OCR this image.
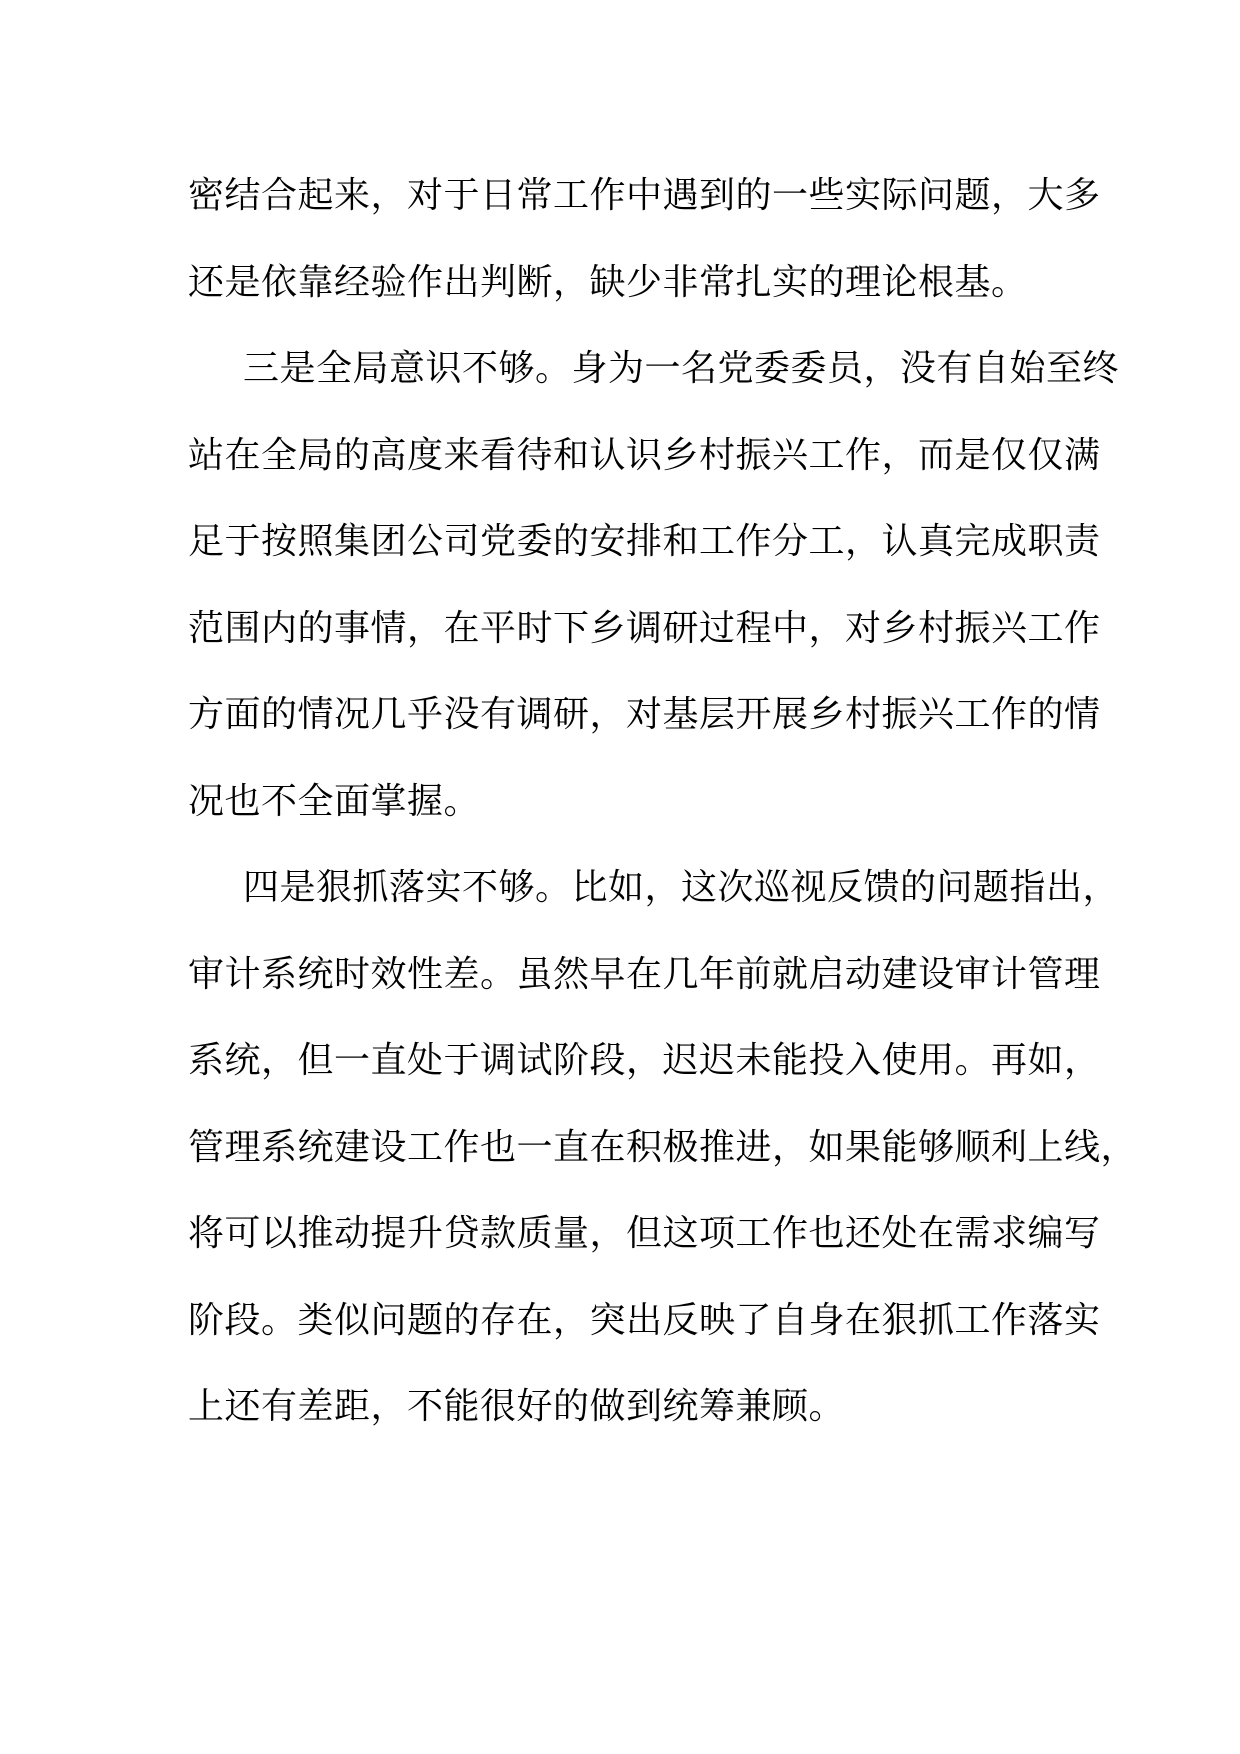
密结合起来，对于日常工作中遇到的一些实际问题，大多

还是依靠经验作出判断，缺少非常扎实的理论根基。

三是全局意识不够。身为一名党委委员，没有自始至终

站在全局的高度来看待和认识乡村振兴工作，而是仅仅满

足于按照集团公司党委的安排和工作分工，认真完成职责

范围内的事情，在平时下乡调研过程中，对乡村振兴工作

方面的情况几乎没有调研，对基层开展乡村振兴工作的情

况也不全面掌握。

四是狠抓落实不够。比如，这次巡视反馈的问题指出，

审计系统时效性差。虽然早在几年前就启动建设审计管理

系统，但一直处于调试阶段，迟迟未能投入使用。再如，

管理系统建设工作也一直在积极推进，如果能够顺利上线，

将可以推动提升贷款质量，但这项工作也还处在需求编写

阶段。类似问题的存在，突出反映了自身在狠抓工作落实

上还有差距，不能很好的做到统筹兼顾。
